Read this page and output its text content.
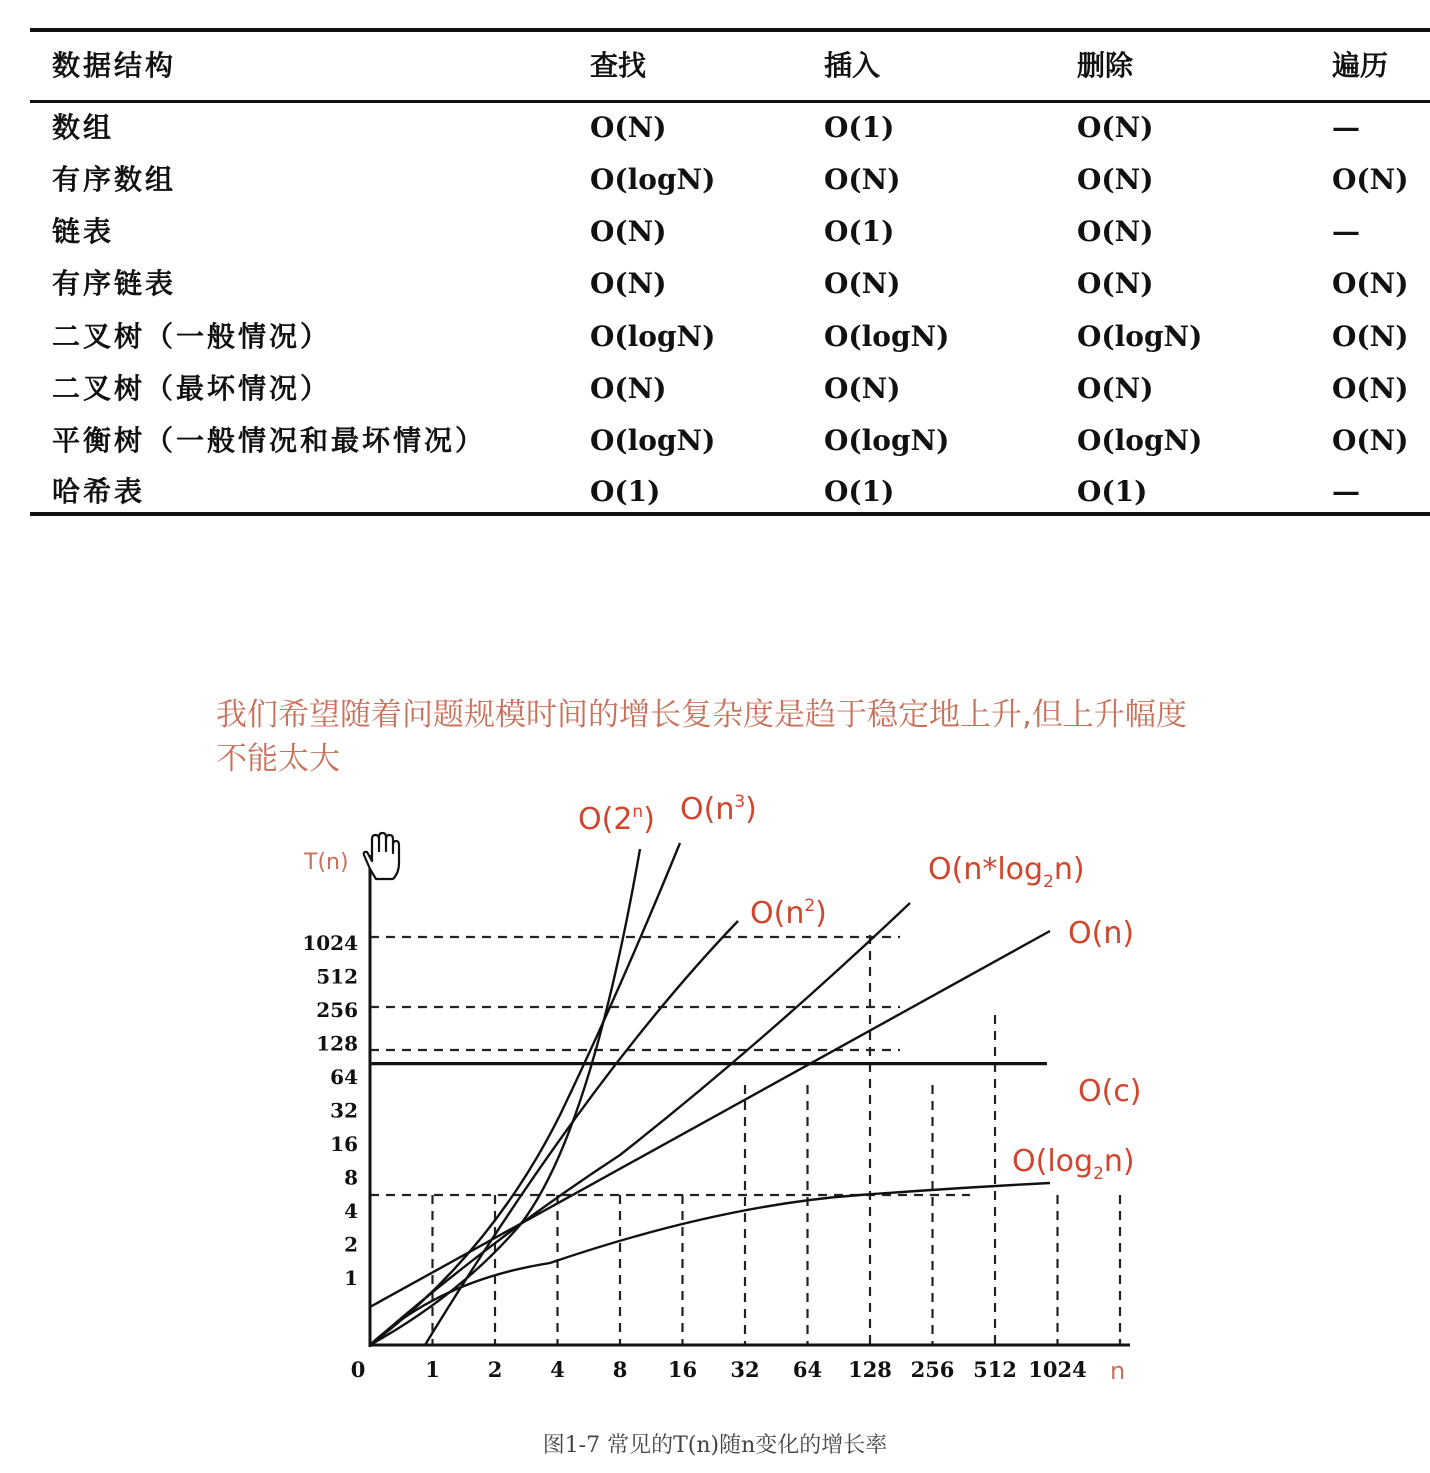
数据结构	查找	插入	删除	遍历
数组	O(N)	O(1)	O(N)	—
有序数组	O(logN)	O(N)	O(N)	O(N)
链表	O(N)	O(1)	O(N)	—
有序链表	O(N)	O(N)	O(N)	O(N)
二叉树（一般情况）	O(logN)	O(logN)	O(logN)	O(N)
二叉树（最坏情况）	O(N)	O(N)	O(N)	O(N)
平衡树（一般情况和最坏情况）	O(logN)	O(logN)	O(logN)	O(N)
哈希表	O(1)	O(1)	O(1)	—
我们希望随着问题规模时间的增长复杂度是趋于稳定地上升,但上升幅度不能太大
T(n)
n
1
2
4
8
16
32
64
128
256
512
1024
0	1 2 4 8 16 32 64 128 256 512 1024
O(c)
$O(\log_2n)$
O(n)
$O(n*\log_2n)$
$O(n^2)$
$O(n^3)$
O(2$^n$)
图1-7 常见的T(n)随n变化的增长率
